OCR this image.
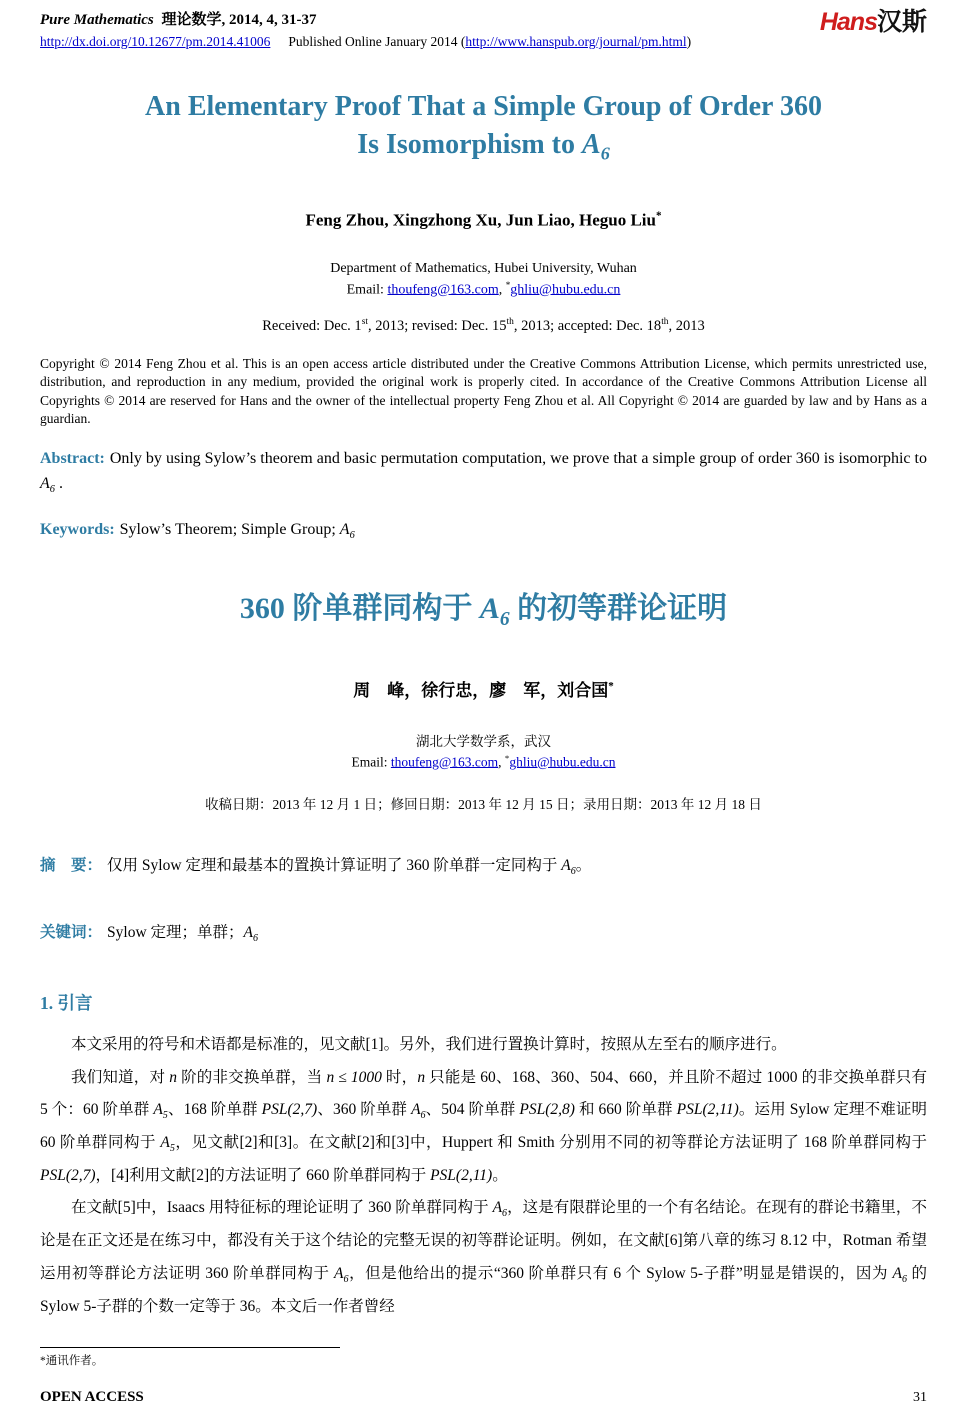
Pure Mathematics 理论数学, 2014, 4, 31-37
http://dx.doi.org/10.12677/pm.2014.41006 Published Online January 2014 (http://www.hanspub.org/journal/pm.html)
Hans汉斯
An Elementary Proof That a Simple Group of Order 360
Is Isomorphism to $A_6$
Feng Zhou, Xingzhong Xu, Jun Liao, Heguo Liu*
Department of Mathematics, Hubei University, Wuhan
Email: thoufeng@163.com, *ghliu@hubu.edu.cn
Received: Dec. 1st, 2013; revised: Dec. 15th, 2013; accepted: Dec. 18th, 2013
Copyright © 2014 Feng Zhou et al. This is an open access article distributed under the Creative Commons Attribution License, which permits unrestricted use, distribution, and reproduction in any medium, provided the original work is properly cited. In accordance of the Creative Commons Attribution License all Copyrights © 2014 are reserved for Hans and the owner of the intellectual property Feng Zhou et al. All Copyright © 2014 are guarded by law and by Hans as a guardian.
Abstract: Only by using Sylow’s theorem and basic permutation computation, we prove that a simple group of order 360 is isomorphic to $A_6$ .
Keywords: Sylow’s Theorem; Simple Group; $A_6$
360 阶单群同构于 $A_6$ 的初等群论证明
周　峰，徐行忠，廖　军，刘合国*
湖北大学数学系，武汉
Email: thoufeng@163.com, *ghliu@hubu.edu.cn
收稿日期：2013 年 12 月 1 日；修回日期：2013 年 12 月 15 日；录用日期：2013 年 12 月 18 日
摘　要： 仅用 Sylow 定理和最基本的置换计算证明了 360 阶单群一定同构于 $A_6$。
关键词： Sylow 定理；单群；$A_6$
1. 引言

本文采用的符号和术语都是标准的，见文献[1]。另外，我们进行置换计算时，按照从左至右的顺序进行。

我们知道，对 n 阶的非交换单群，当 n ≤ 1000 时，n 只能是 60、168、360、504、660，并且阶不超过 1000 的非交换单群只有 5 个：60 阶单群 $A_5$、168 阶单群 PSL(2,7)、360 阶单群 $A_6$、504 阶单群 PSL(2,8) 和 660 阶单群 PSL(2,11)。运用 Sylow 定理不难证明 60 阶单群同构于 $A_5$，见文献[2]和[3]。在文献[2]和[3]中，Huppert 和 Smith 分别用不同的初等群论方法证明了 168 阶单群同构于 PSL(2,7)，[4]利用文献[2]的方法证明了 660 阶单群同构于 PSL(2,11)。

在文献[5]中，Isaacs 用特征标的理论证明了 360 阶单群同构于 $A_6$，这是有限群论里的一个有名结论。在现有的群论书籍里，不论是在正文还是在练习中，都没有关于这个结论的完整无误的初等群论证明。例如，在文献[6]第八章的练习 8.12 中，Rotman 希望运用初等群论方法证明 360 阶单群同构于 $A_6$，但是他给出的提示“360 阶单群只有 6 个 Sylow 5-子群”明显是错误的，因为 $A_6$ 的 Sylow 5-子群的个数一定等于 36。本文后一作者曾经

*通讯作者。
OPEN ACCESS	31
